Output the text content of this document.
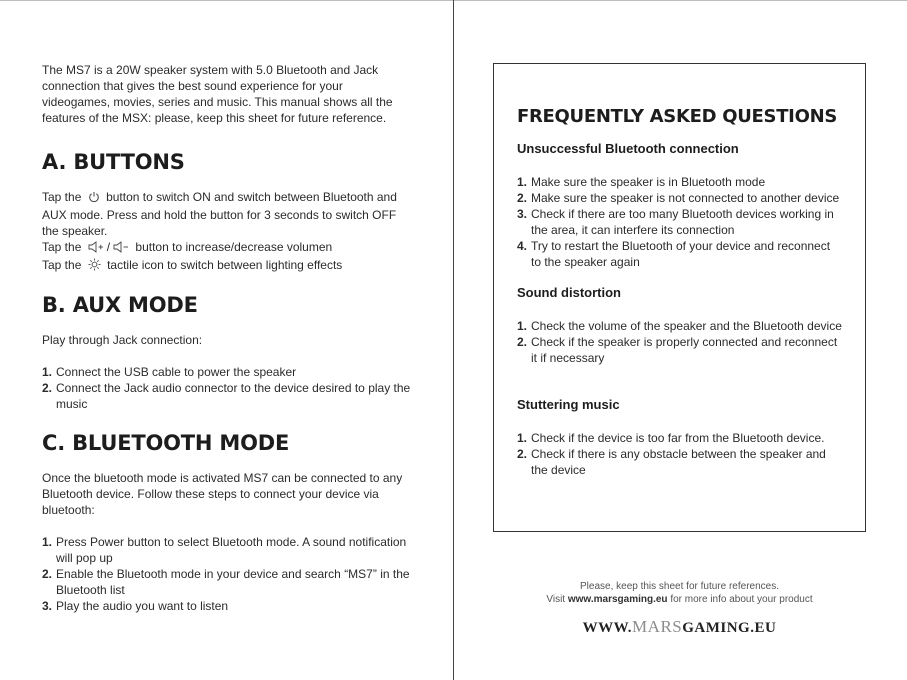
The MS7 is a 20W speaker system with 5.0 Bluetooth and Jack
connection that gives the best sound experience for your
videogames, movies, series and music. This manual shows all the
features of the MSX: please, keep this sheet for future reference.

A. BUTTONS
Tap the button to switch ON and switch between Bluetooth and
AUX mode. Press and hold the button for 3 seconds to switch OFF
the speaker.
Tap the / button to increase/decrease volumen
Tap the tactile icon to switch between lighting effects
B. AUX MODE

Play through Jack connection:

1. Connect the USB cable to power the speaker
2. Connect the Jack audio connector to the device desired to play the
music
C. BLUETOOTH MODE

Once the bluetooth mode is activated MS7 can be connected to any
Bluetooth device. Follow these steps to connect your device via
bluetooth:

1. Press Power button to select Bluetooth mode. A sound notification
will pop up
2. Enable the Bluetooth mode in your device and search “MS7” in the
Bluetooth list
3. Play the audio you want to listen
FREQUENTLY ASKED QUESTIONS
Unsuccessful Bluetooth connection
1. Make sure the speaker is in Bluetooth mode
2. Make sure the speaker is not connected to another device
3. Check if there are too many Bluetooth devices working in
the area, it can interfere its connection
4. Try to restart the Bluetooth of your device and reconnect
to the speaker again
Sound distortion
1. Check the volume of the speaker and the Bluetooth device
2. Check if the speaker is properly connected and reconnect
it if necessary
Stuttering music
1. Check if the device is too far from the Bluetooth device.
2. Check if there is any obstacle between the speaker and
the device
Please, keep this sheet for future references.
Visit www.marsgaming.eu for more info about your product
WWW.MARSGAMING.EU
